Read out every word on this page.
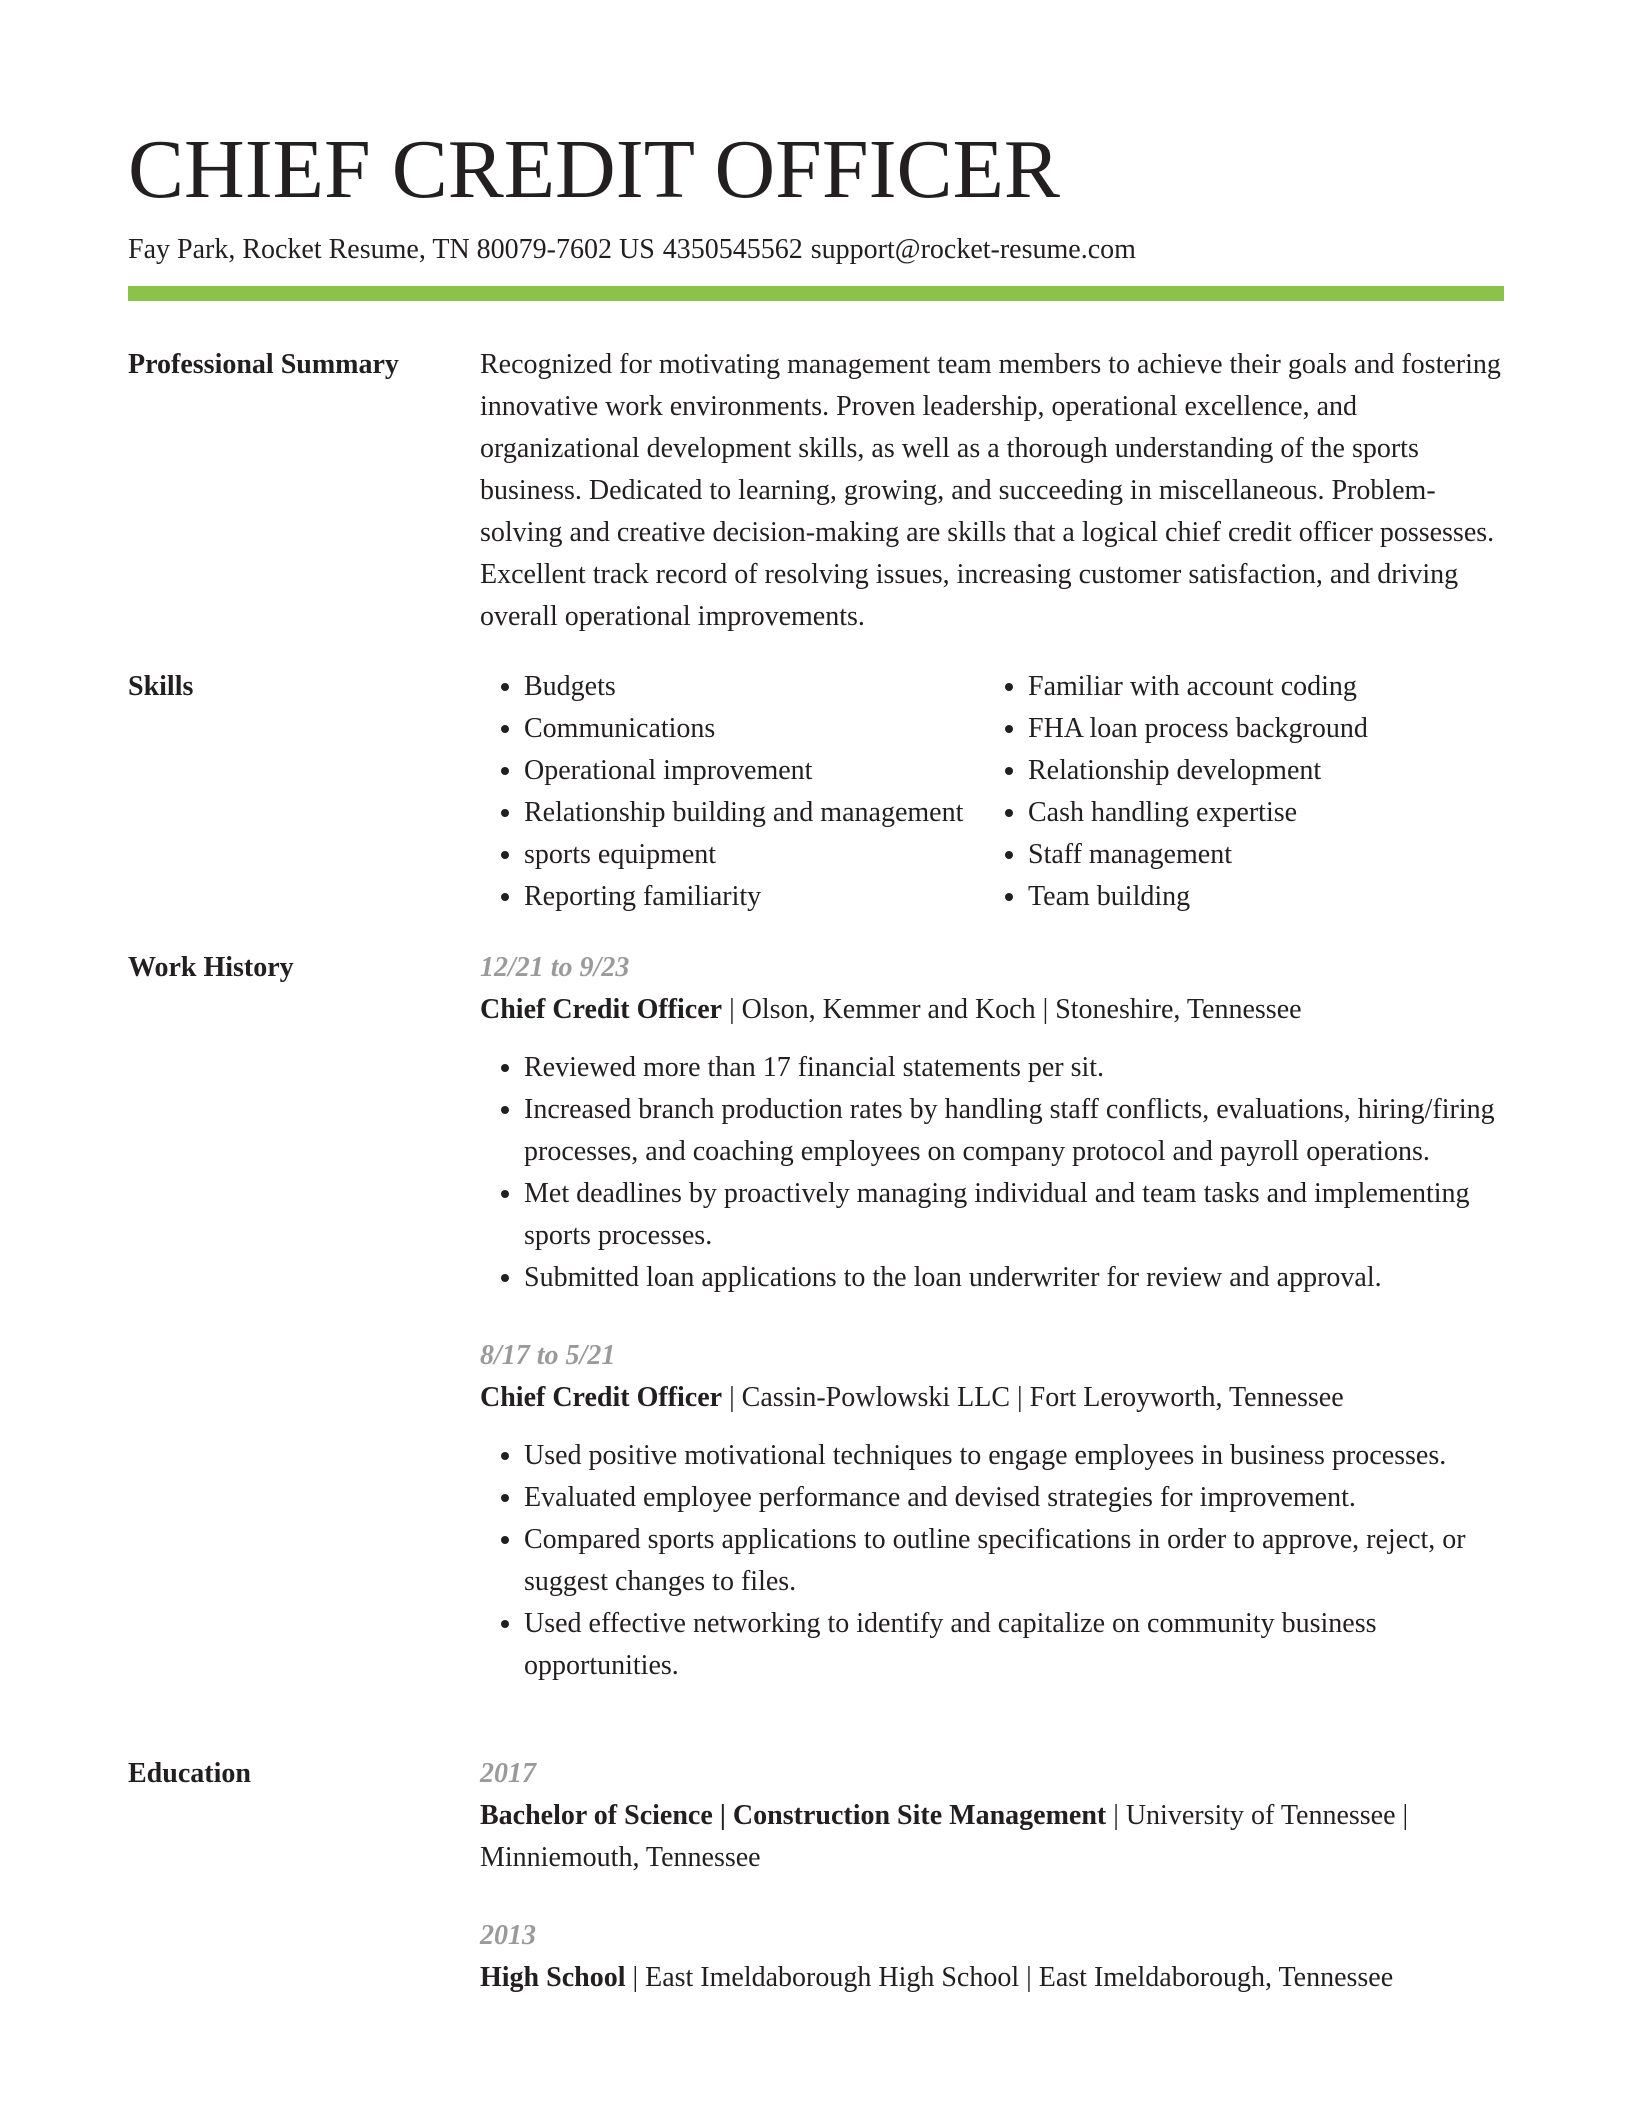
CHIEF CREDIT OFFICER
Fay Park, Rocket Resume, TN 80079-7602 US 4350545562 support@rocket-resume.com
Professional Summary	Recognized for motivating management team members to achieve their goals and fostering innovative work environments. Proven leadership, operational excellence, and organizational development skills, as well as a thorough understanding of the sports business. Dedicated to learning, growing, and succeeding in miscellaneous. Problem-solving and creative decision-making are skills that a logical chief credit officer possesses. Excellent track record of resolving issues, increasing customer satisfaction, and driving overall operational improvements.

Skills
•	Budgets
• Communications
• Operational improvement
• Relationship building and management
• sports equipment
• Reporting familiarity
• Familiar with account coding
• FHA loan process background
• Relationship development
• Cash handling expertise
• Staff management
• Team building
Work History	12/21 to 9/23
Chief Credit Officer | Olson, Kemmer and Koch | Stoneshire, Tennessee
• Reviewed more than 17 financial statements per sit.
• Increased branch production rates by handling staff conflicts, evaluations, hiring/firing processes, and coaching employees on company protocol and payroll operations.
• Met deadlines by proactively managing individual and team tasks and implementing sports processes.
• Submitted loan applications to the loan underwriter for review and approval.
8/17 to 5/21
Chief Credit Officer | Cassin-Powlowski LLC | Fort Leroyworth, Tennessee
• Used positive motivational techniques to engage employees in business processes.
• Evaluated employee performance and devised strategies for improvement.
• Compared sports applications to outline specifications in order to approve, reject, or suggest changes to files.
• Used effective networking to identify and capitalize on community business opportunities.
Education	2017
Bachelor of Science | Construction Site Management | University of Tennessee | Minniemouth, Tennessee
2013
High School | East Imeldaborough High School | East Imeldaborough, Tennessee
